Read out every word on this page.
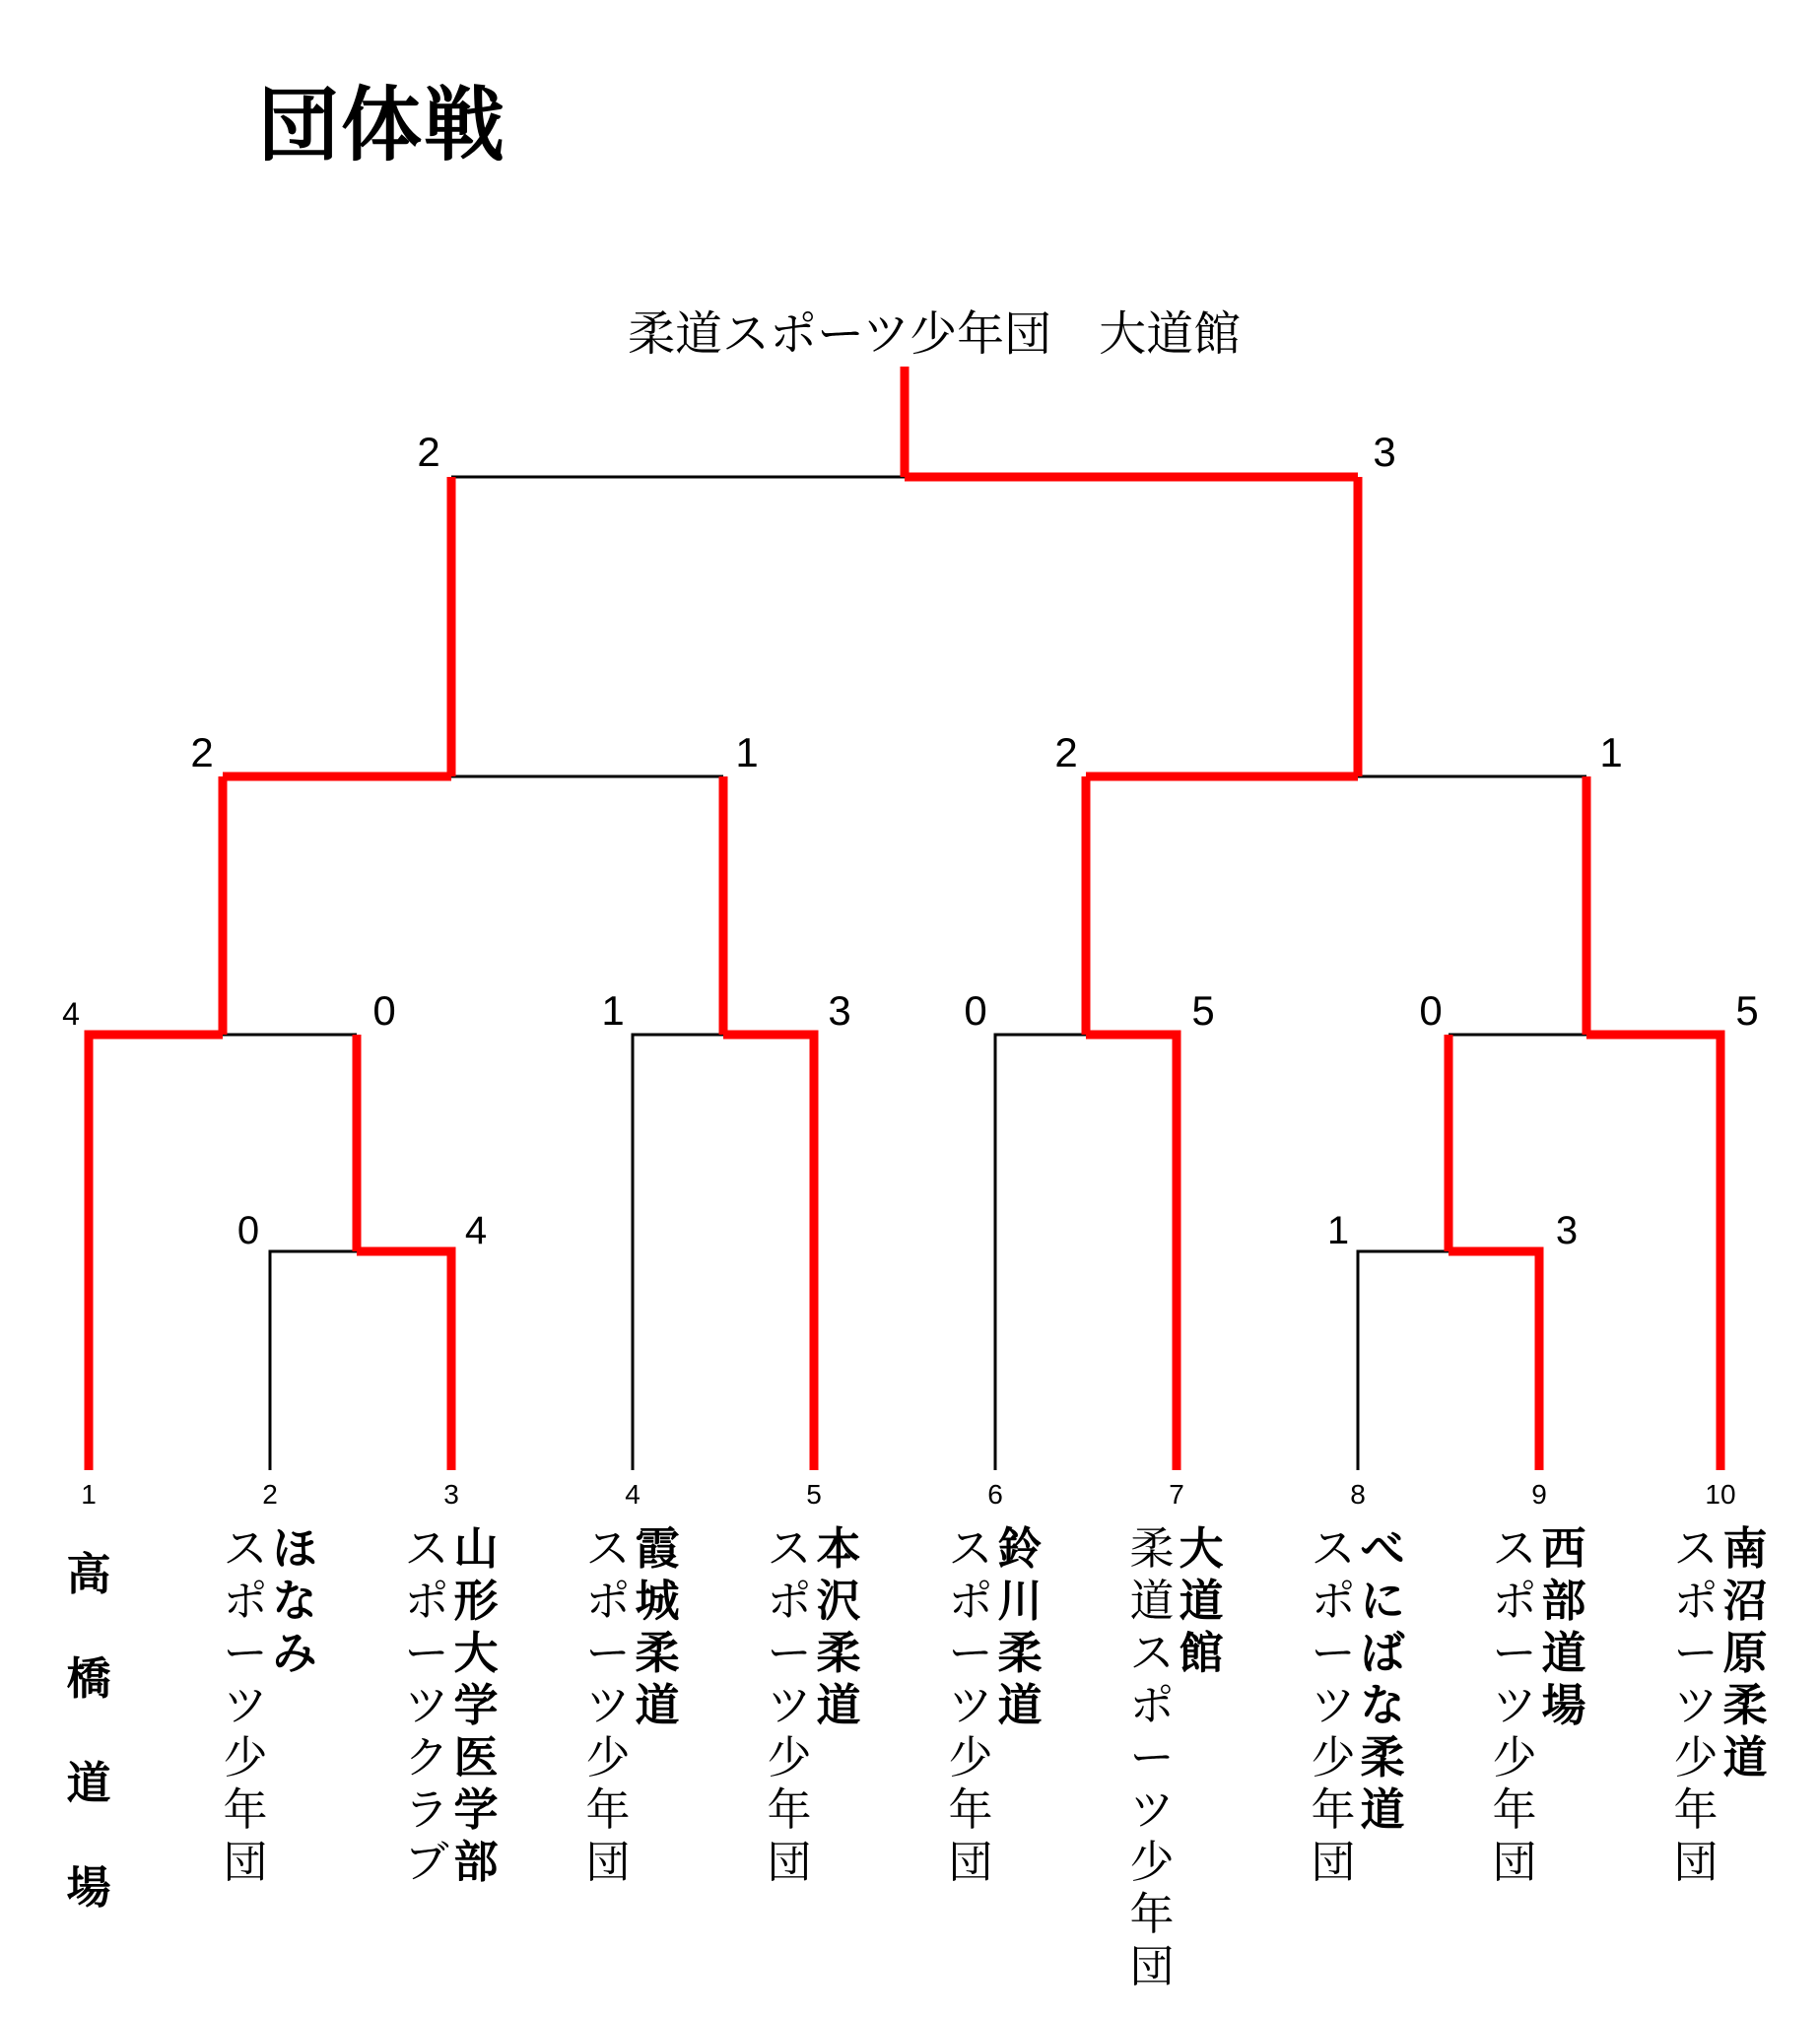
団体戦
柔道スポーツ少年団　大道館
0	4	1	3
4	0	1	3	0	5	0	5
2	1	2	1
2	3
1	2	3	4	5	6	7	8	9	10
高橋道場
ほなみ
スポーツ少年団
山形大学医学部
スポーツクラブ
霞城柔道
スポーツ少年団
本沢柔道
スポーツ少年団
鈴川柔道
スポーツ少年団
大道館
柔道スポーツ少年団
べにばな柔道
スポーツ少年団
西部道場
スポーツ少年団
南沼原柔道
スポーツ少年団
